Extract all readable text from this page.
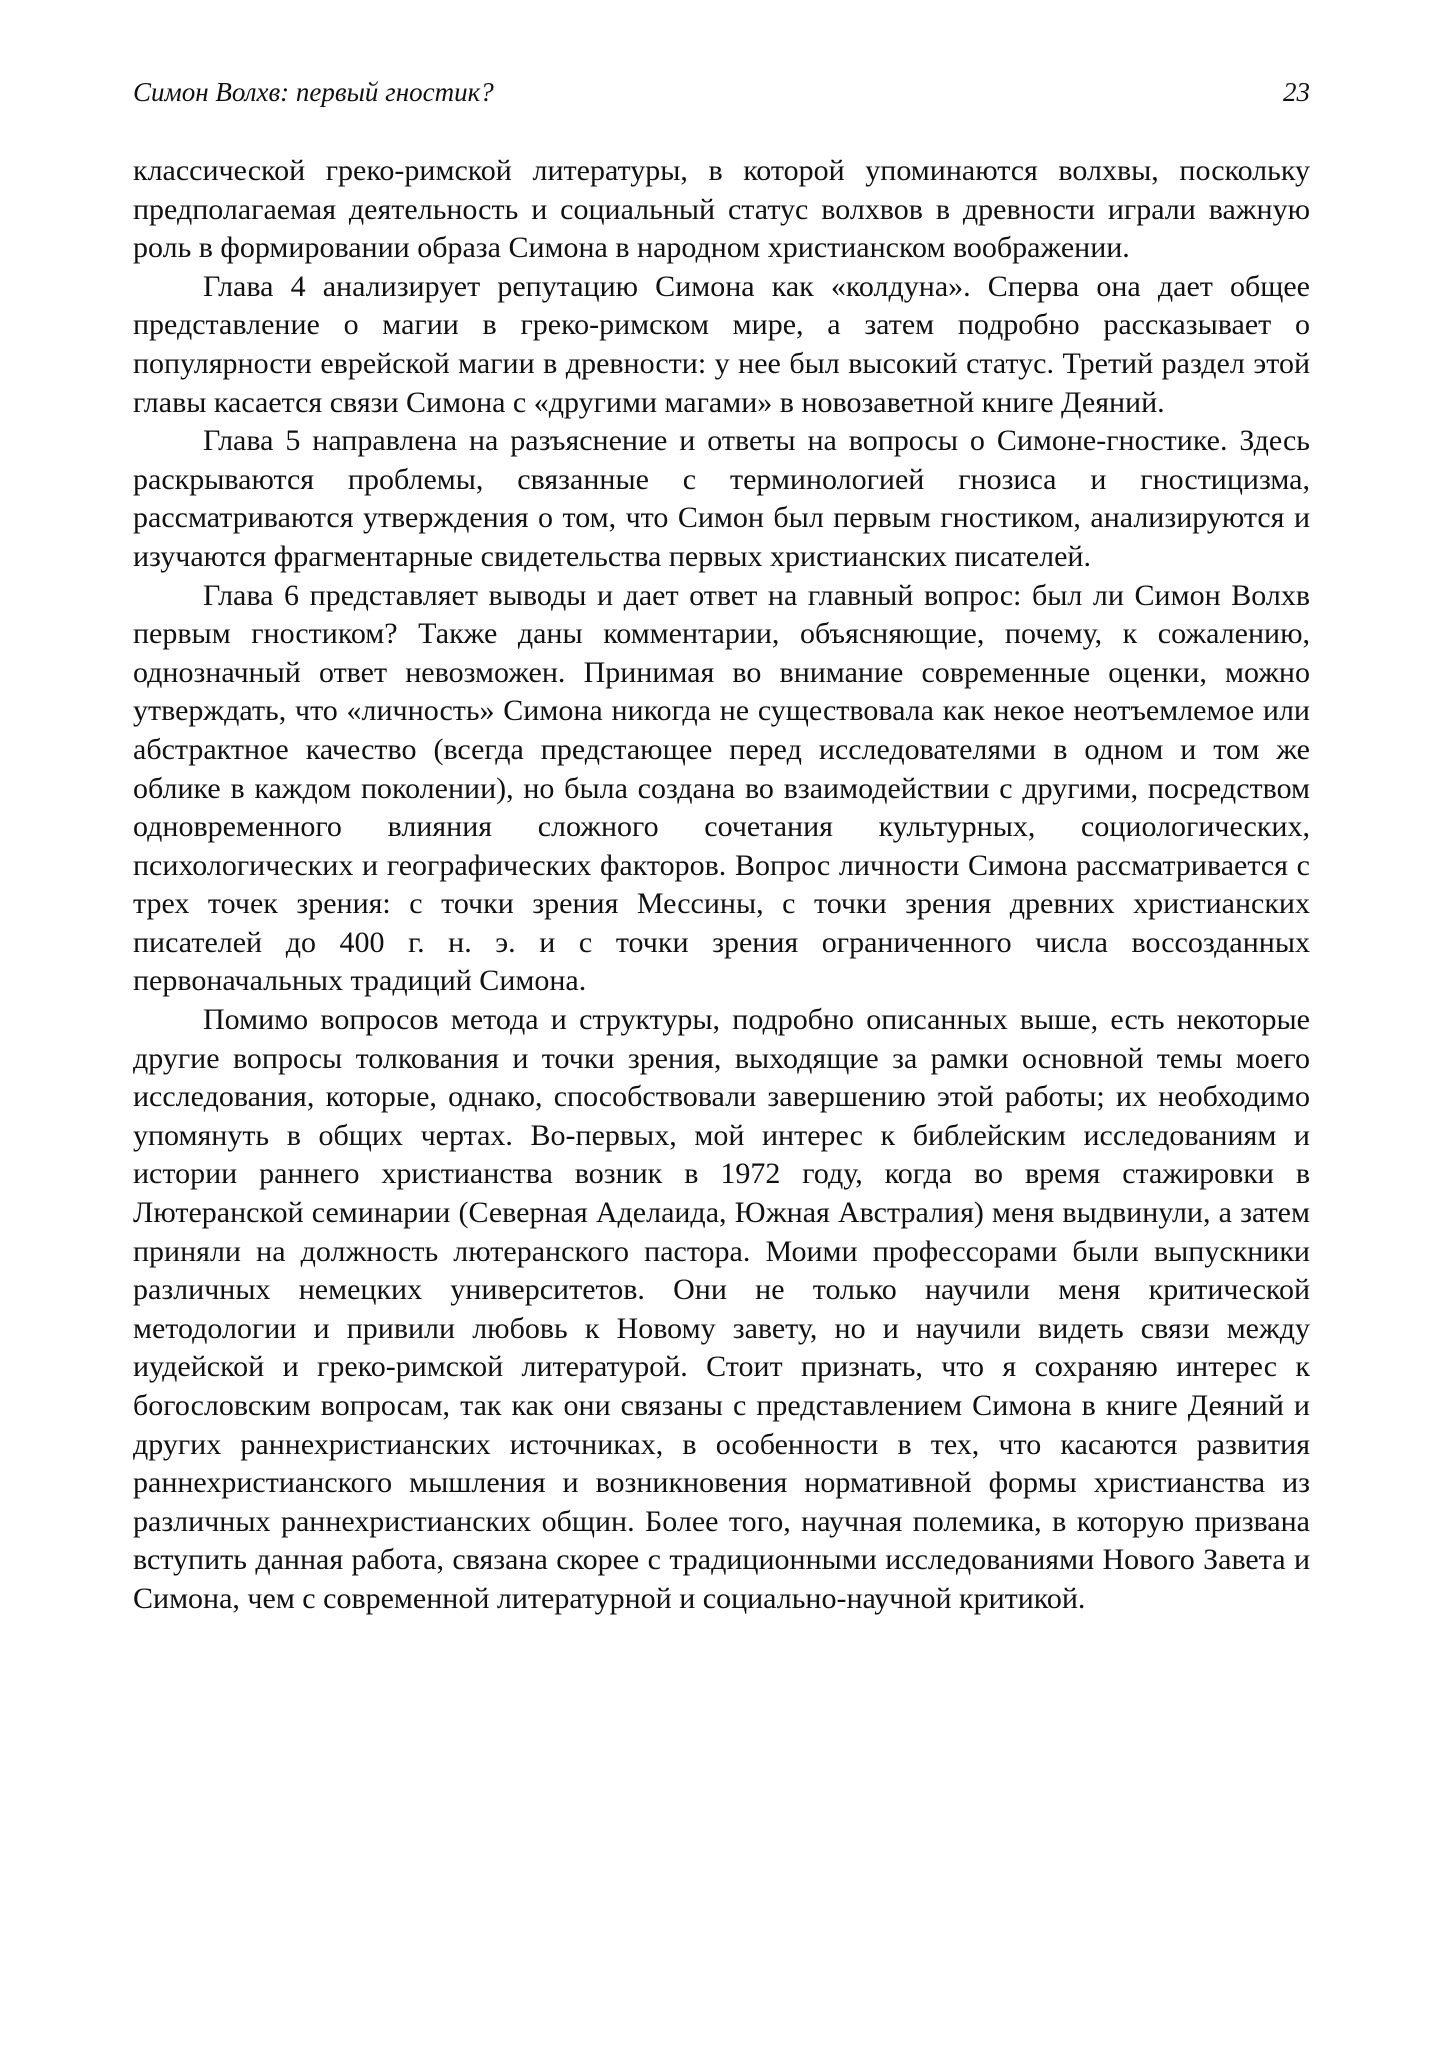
Симон Волхв: первый гностик?	23

классической греко-римской литературы, в которой упоминаются волхвы, поскольку предполагаемая деятельность и социальный статус волхвов в древности играли важную роль в формировании образа Симона в народном христианском воображении.

Глава 4 анализирует репутацию Симона как «колдуна». Сперва она дает общее представление о магии в греко-римском мире, а затем подробно рассказывает о популярности еврейской магии в древности: у нее был высокий статус. Третий раздел этой главы касается связи Симона с «другими магами» в новозаветной книге Деяний.

Глава 5 направлена на разъяснение и ответы на вопросы о Симоне-гностике. Здесь раскрываются проблемы, связанные с терминологией гнозиса и гностицизма, рассматриваются утверждения о том, что Симон был первым гностиком, анализируются и изучаются фрагментарные свидетельства первых христианских писателей.

Глава 6 представляет выводы и дает ответ на главный вопрос: был ли Симон Волхв первым гностиком? Также даны комментарии, объясняющие, почему, к сожалению, однозначный ответ невозможен. Принимая во внимание современные оценки, можно утверждать, что «личность» Симона никогда не существовала как некое неотъемлемое или абстрактное качество (всегда предстающее перед исследователями в одном и том же облике в каждом поколении), но была создана во взаимодействии с другими, посредством одновременного влияния сложного сочетания культурных, социологических, психологических и географических факторов. Вопрос личности Симона рассматривается с трех точек зрения: с точки зрения Мессины, с точки зрения древних христианских писателей до 400 г. н. э. и с точки зрения ограниченного числа воссозданных первоначальных традиций Симона.

Помимо вопросов метода и структуры, подробно описанных выше, есть некоторые другие вопросы толкования и точки зрения, выходящие за рамки основной темы моего исследования, которые, однако, способствовали завершению этой работы; их необходимо упомянуть в общих чертах. Во-первых, мой интерес к библейским исследованиям и истории раннего христианства возник в 1972 году, когда во время стажировки в Лютеранской семинарии (Северная Аделаида, Южная Австралия) меня выдвинули, а затем приняли на должность лютеранского пастора. Моими профессорами были выпускники различных немецких университетов. Они не только научили меня критической методологии и привили любовь к Новому завету, но и научили видеть связи между иудейской и греко-римской литературой. Стоит признать, что я сохраняю интерес к богословским вопросам, так как они связаны с представлением Симона в книге Деяний и других раннехристианских источниках, в особенности в тех, что касаются развития раннехристианского мышления и возникновения нормативной формы христианства из различных раннехристианских общин. Более того, научная полемика, в которую призвана вступить данная работа, связана скорее с традиционными исследованиями Нового Завета и Симона, чем с современной литературной и социально-научной критикой.
